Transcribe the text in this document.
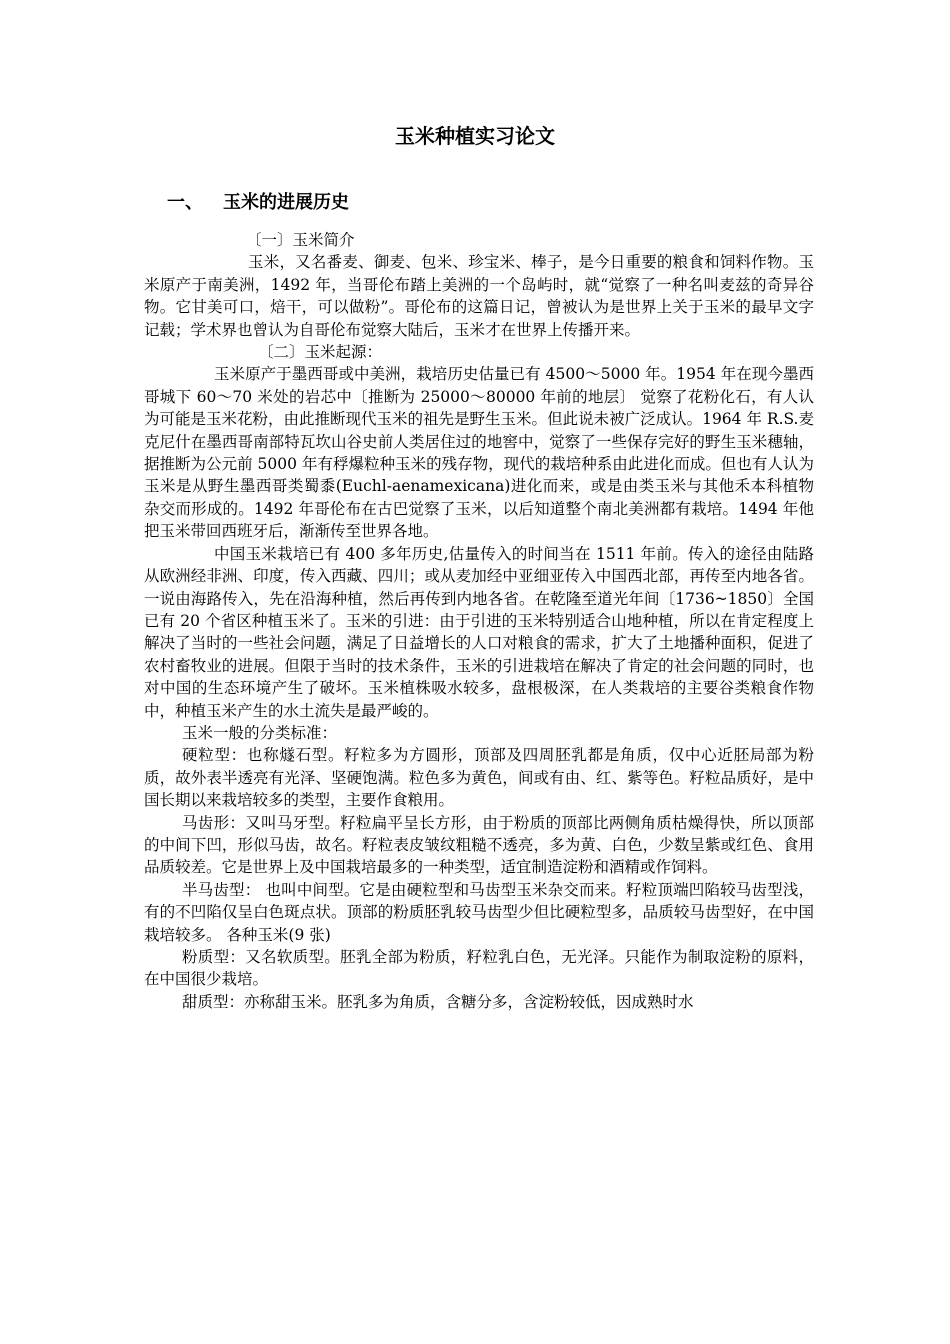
玉米种植实习论文
一、 玉米的进展历史

〔一〕玉米简介

玉米，又名番麦、御麦、包米、珍宝米、棒子，是今日重要的粮食和饲料作物。玉米原产于南美洲，1492 年，当哥伦布踏上美洲的一个岛屿时，就“觉察了一种名叫麦兹的奇异谷物。它甘美可口，焙干，可以做粉”。哥伦布的这篇日记，曾被认为是世界上关于玉米的最早文字记载；学术界也曾认为自哥伦布觉察大陆后，玉米才在世界上传播开来。

〔二〕玉米起源：

玉米原产于墨西哥或中美洲，栽培历史估量已有 4500～5000 年。1954 年在现今墨西哥城下 60～70 米处的岩芯中〔推断为 25000～80000 年前的地层〕 觉察了花粉化石，有人认为可能是玉米花粉，由此推断现代玉米的祖先是野生玉米。但此说未被广泛成认。1964 年 R.S.麦克尼什在墨西哥南部特瓦坎山谷史前人类居住过的地窖中，觉察了一些保存完好的野生玉米穗轴，据推断为公元前 5000 年有稃爆粒种玉米的残存物，现代的栽培种系由此进化而成。但也有人认为玉米是从野生墨西哥类蜀黍(Euchl-aenamexicana)进化而来，或是由类玉米与其他禾本科植物杂交而形成的。1492 年哥伦布在古巴觉察了玉米，以后知道整个南北美洲都有栽培。1494 年他把玉米带回西班牙后，渐渐传至世界各地。

中国玉米栽培已有 400 多年历史,估量传入的时间当在 1511 年前。传入的途径由陆路从欧洲经非洲、印度，传入西藏、四川；或从麦加经中亚细亚传入中国西北部，再传至内地各省。一说由海路传入，先在沿海种植，然后再传到内地各省。在乾隆至道光年间〔1736~1850〕全国已有 20 个省区种植玉米了。玉米的引进：由于引进的玉米特别适合山地种植，所以在肯定程度上解决了当时的一些社会问题，满足了日益增长的人口对粮食的需求，扩大了土地播种面积，促进了农村畜牧业的进展。但限于当时的技术条件，玉米的引进栽培在解决了肯定的社会问题的同时，也对中国的生态环境产生了破坏。玉米植株吸水较多，盘根极深，在人类栽培的主要谷类粮食作物中，种植玉米产生的水土流失是最严峻的。

玉米一般的分类标准：

硬粒型：也称燧石型。籽粒多为方圆形，顶部及四周胚乳都是角质，仅中心近胚局部为粉质，故外表半透亮有光泽、坚硬饱满。粒色多为黄色，间或有由、红、紫等色。籽粒品质好，是中国长期以来栽培较多的类型，主要作食粮用。

马齿形：又叫马牙型。籽粒扁平呈长方形，由于粉质的顶部比两侧角质枯燥得快，所以顶部的中间下凹，形似马齿，故名。籽粒表皮皱纹粗糙不透亮，多为黄、白色，少数呈紫或红色、食用品质较差。它是世界上及中国栽培最多的一种类型，适宜制造淀粉和酒精或作饲料。

半马齿型： 也叫中间型。它是由硬粒型和马齿型玉米杂交而来。籽粒顶端凹陷较马齿型浅，有的不凹陷仅呈白色斑点状。顶部的粉质胚乳较马齿型少但比硬粒型多，品质较马齿型好，在中国栽培较多。 各种玉米(9 张)

粉质型：又名软质型。胚乳全部为粉质，籽粒乳白色，无光泽。只能作为制取淀粉的原料，在中国很少栽培。

甜质型：亦称甜玉米。胚乳多为角质，含糖分多，含淀粉较低，因成熟时水
